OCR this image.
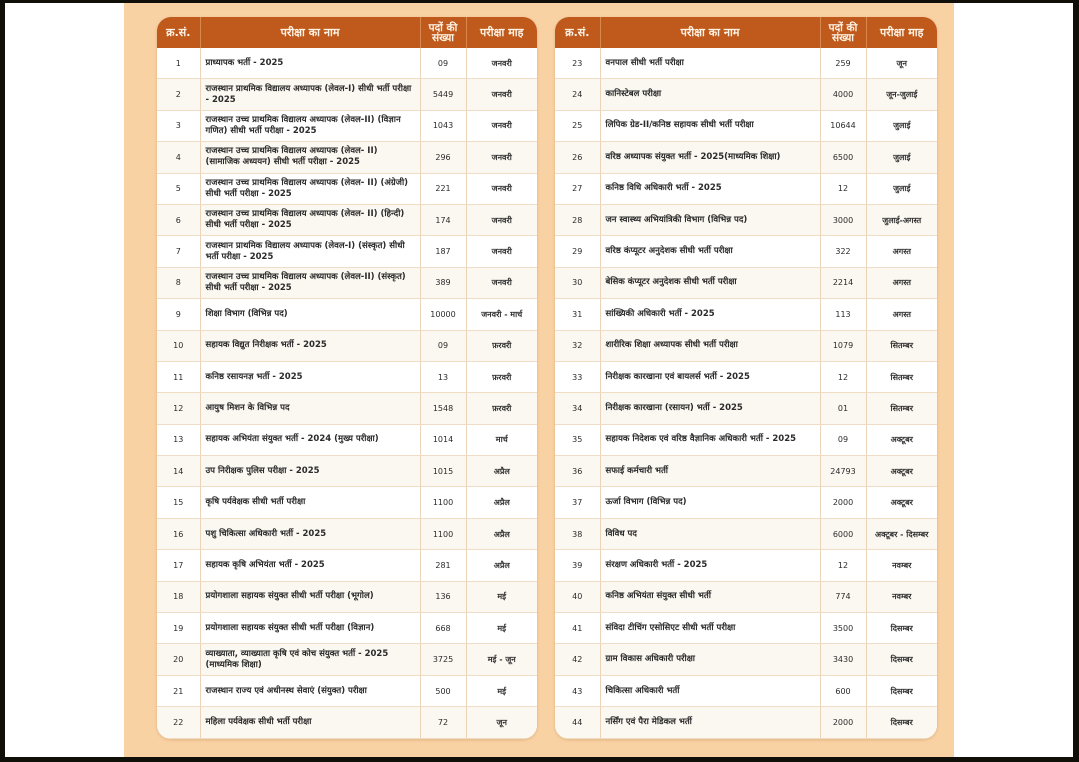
क्र.सं.	परीक्षा का नाम	पदों की
संख्या	परीक्षा माह
1	प्राध्यापक भर्ती - 2025	09	जनवरी
2	राजस्थान प्राथमिक विद्यालय अध्यापक (लेवल-I) सीधी भर्ती परीक्षा - 2025	5449	जनवरी
3	राजस्थान उच्च प्राथमिक विद्यालय अध्यापक (लेवल-II) (विज्ञान गणित) सीधी भर्ती परीक्षा - 2025	1043	जनवरी
4	राजस्थान उच्च प्राथमिक विद्यालय अध्यापक (लेवल- II) (सामाजिक अध्ययन) सीधी भर्ती परीक्षा - 2025	296	जनवरी
5	राजस्थान उच्च प्राथमिक विद्यालय अध्यापक (लेवल- II) (अंग्रेजी) सीधी भर्ती परीक्षा - 2025	221	जनवरी
6	राजस्थान उच्च प्राथमिक विद्यालय अध्यापक (लेवल- II) (हिन्दी) सीधी भर्ती परीक्षा - 2025	174	जनवरी
7	राजस्थान प्राथमिक विद्यालय अध्यापक (लेवल-I) (संस्कृत) सीधी भर्ती परीक्षा - 2025	187	जनवरी
8	राजस्थान उच्च प्राथमिक विद्यालय अध्यापक (लेवल-II) (संस्कृत) सीधी भर्ती परीक्षा - 2025	389	जनवरी
9	शिक्षा विभाग (विभिन्न पद)	10000	जनवरी - मार्च
10	सहायक विद्युत निरीक्षक भर्ती - 2025	09	फ़रवरी
11	कनिष्ठ रसायनज्ञ भर्ती - 2025	13	फ़रवरी
12	आयुष मिशन के विभिन्न पद	1548	फ़रवरी
13	सहायक अभियंता संयुक्त भर्ती - 2024 (मुख्य परीक्षा)	1014	मार्च
14	उप निरीक्षक पुलिस परीक्षा - 2025	1015	अप्रैल
15	कृषि पर्यवेक्षक सीधी भर्ती परीक्षा	1100	अप्रैल
16	पशु चिकित्सा अधिकारी भर्ती - 2025	1100	अप्रैल
17	सहायक कृषि अभियंता भर्ती - 2025	281	अप्रैल
18	प्रयोगशाला सहायक संयुक्त सीधी भर्ती परीक्षा (भूगोल)	136	मई
19	प्रयोगशाला सहायक संयुक्त सीधी भर्ती परीक्षा (विज्ञान)	668	मई
20	व्याख्याता, व्याख्याता कृषि एवं कोच संयुक्त भर्ती - 2025 (माध्यमिक शिक्षा)	3725	मई - जून
21	राजस्थान राज्य एवं अधीनस्थ सेवाएं (संयुक्त) परीक्षा	500	मई
22	महिला पर्यवेक्षक सीधी भर्ती परीक्षा	72	जून
क्र.सं.	परीक्षा का नाम	पदों की
संख्या	परीक्षा माह
23	वनपाल सीधी भर्ती परीक्षा	259	जून
24	कानिस्टेबल परीक्षा	4000	जून-जुलाई
25	लिपिक ग्रेड-II/कनिष्ठ सहायक सीधी भर्ती परीक्षा	10644	जुलाई
26	वरिष्ठ अध्यापक संयुक्त भर्ती - 2025(माध्यमिक शिक्षा)	6500	जुलाई
27	कनिष्ठ विधि अधिकारी भर्ती - 2025	12	जुलाई
28	जन स्वास्थ्य अभियांत्रिकी विभाग (विभिन्न पद)	3000	जुलाई-अगस्त
29	वरिष्ठ कंप्यूटर अनुदेशक सीधी भर्ती परीक्षा	322	अगस्त
30	बेसिक कंप्यूटर अनुदेशक सीधी भर्ती परीक्षा	2214	अगस्त
31	सांख्यिकी अधिकारी भर्ती - 2025	113	अगस्त
32	शारीरिक शिक्षा अध्यापक सीधी भर्ती परीक्षा	1079	सितम्बर
33	निरीक्षक कारखाना एवं बायलर्स भर्ती - 2025	12	सितम्बर
34	निरीक्षक कारखाना (रसायन) भर्ती - 2025	01	सितम्बर
35	सहायक निदेशक एवं वरिष्ठ वैज्ञानिक अधिकारी भर्ती - 2025	09	अक्टूबर
36	सफाई कर्मचारी भर्ती	24793	अक्टूबर
37	ऊर्जा विभाग (विभिन्न पद)	2000	अक्टूबर
38	विविध पद	6000	अक्टूबर - दिसम्बर
39	संरक्षण अधिकारी भर्ती - 2025	12	नवम्बर
40	कनिष्ठ अभियंता संयुक्त सीधी भर्ती	774	नवम्बर
41	संविदा टीचिंग एसोसिएट सीधी भर्ती परीक्षा	3500	दिसम्बर
42	ग्राम विकास अधिकारी परीक्षा	3430	दिसम्बर
43	चिकित्सा अधिकारी भर्ती	600	दिसम्बर
44	नर्सिंग एवं पैरा मेडिकल भर्ती	2000	दिसम्बर
